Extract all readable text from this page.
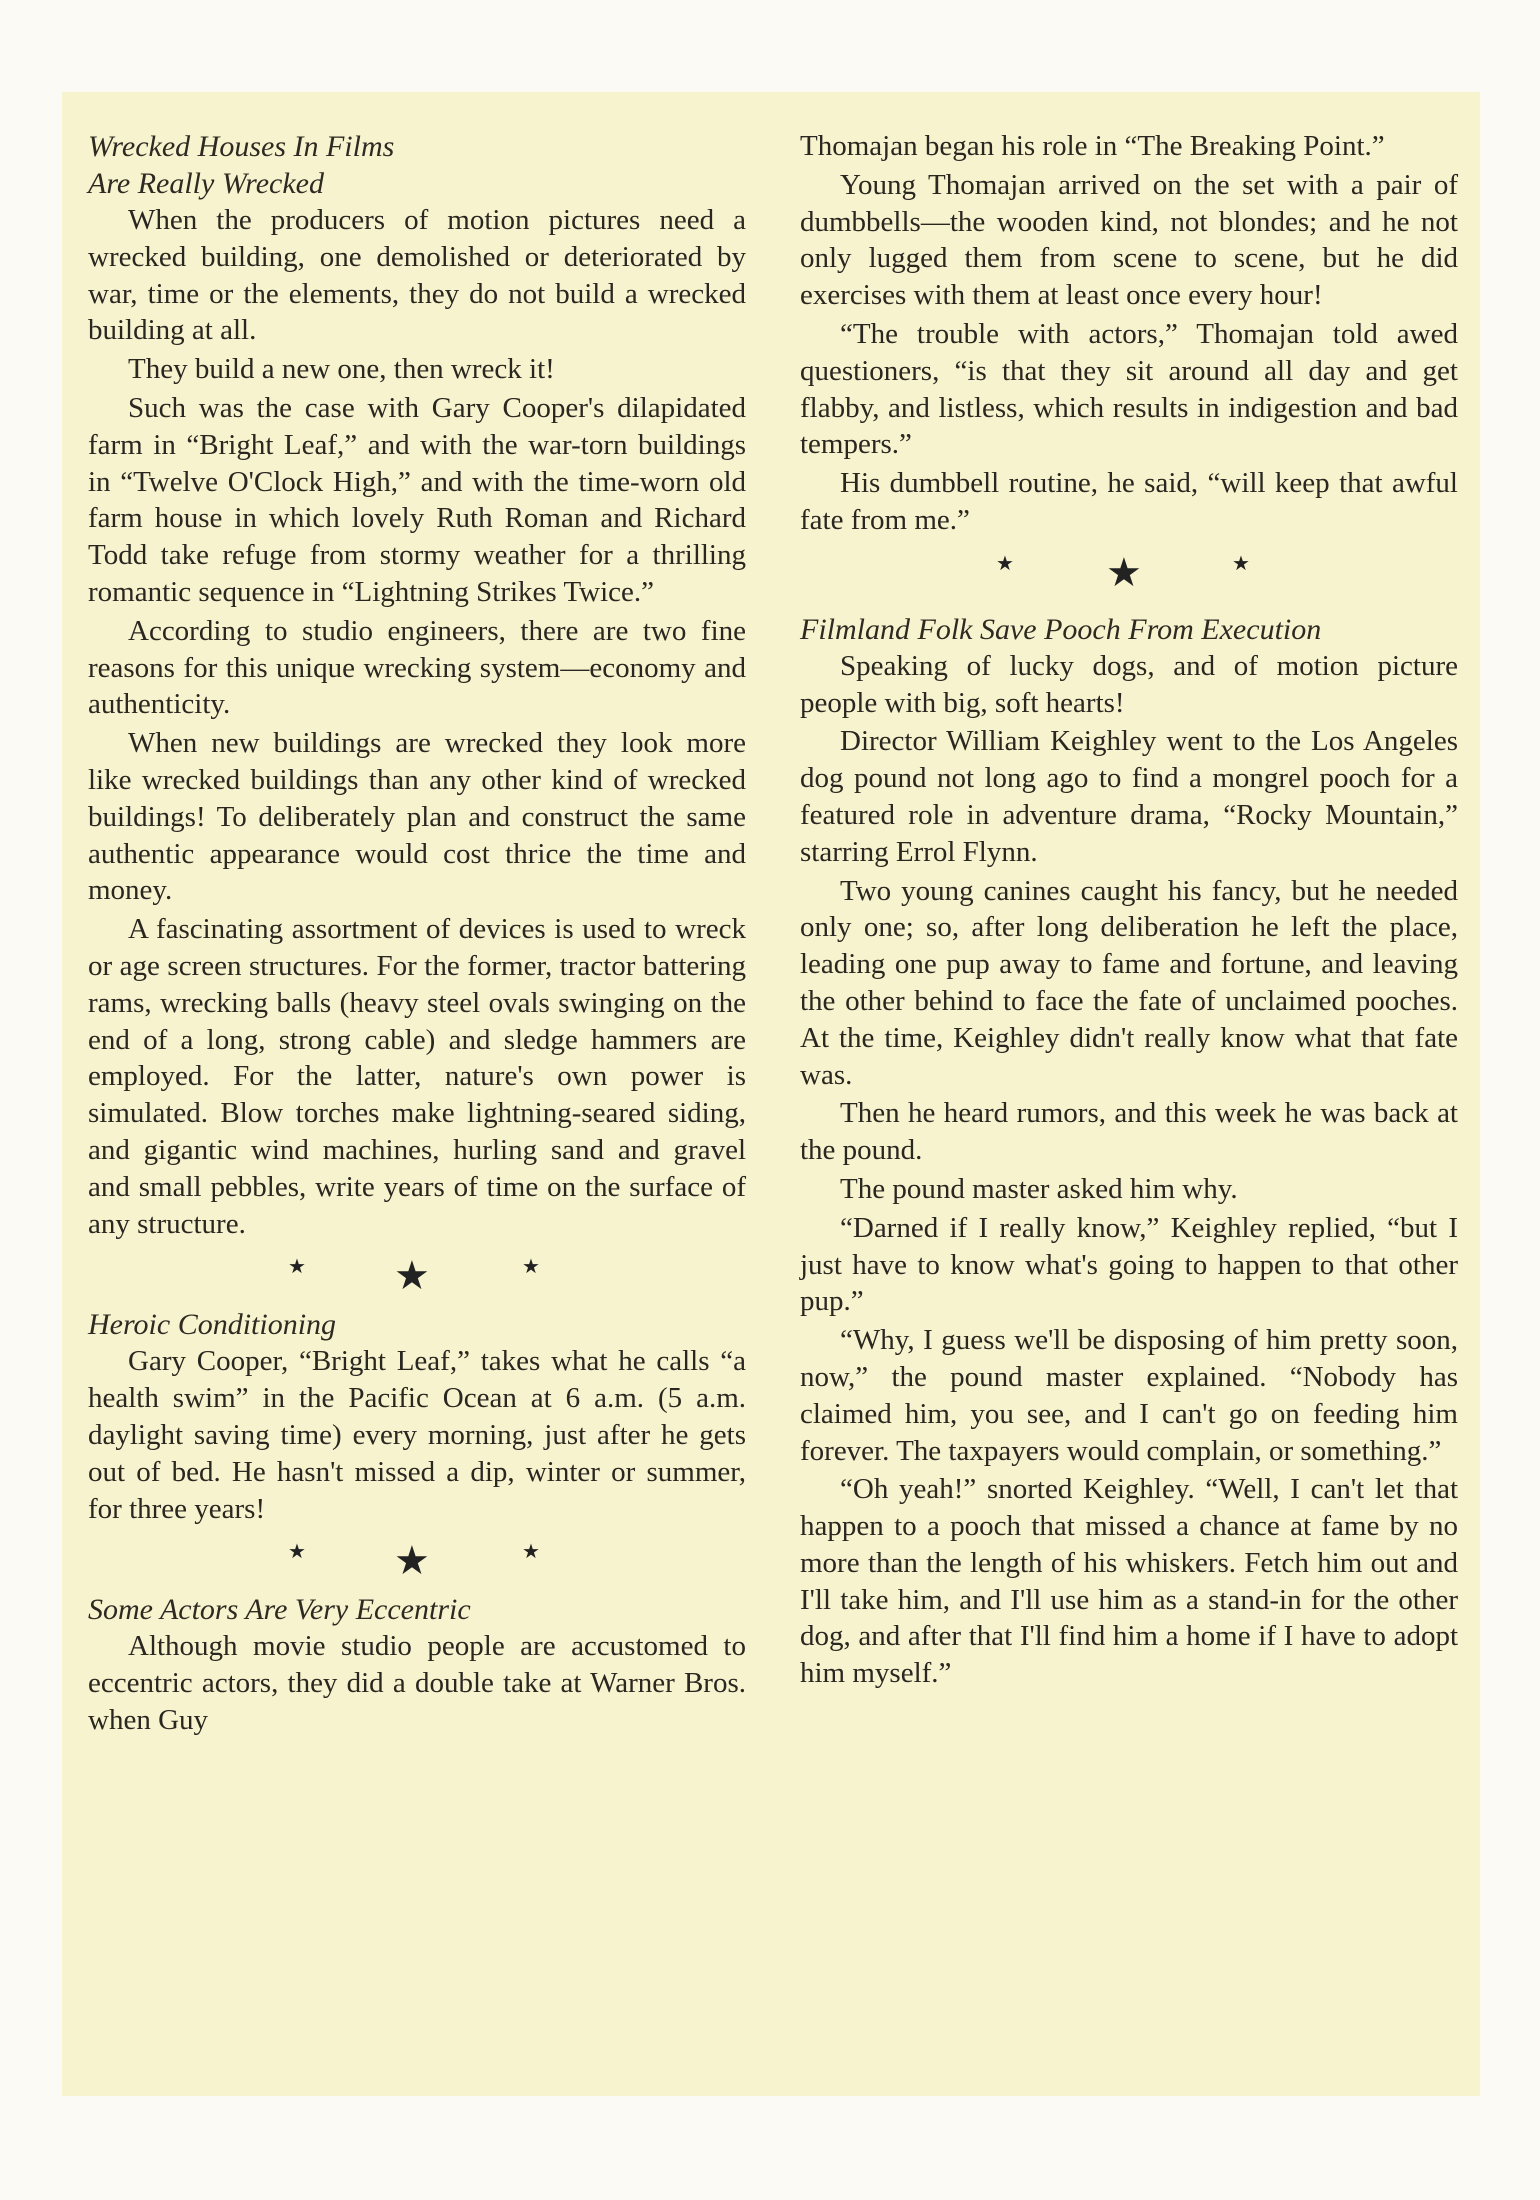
Wrecked Houses In Films

Are Really Wrecked

When the producers of motion pictures need a wrecked building, one demolished or deteriorated by war, time or the elements, they do not build a wrecked building at all.

They build a new one, then wreck it!

Such was the case with Gary Cooper's dilapidated farm in “Bright Leaf,” and with the war-torn buildings in “Twelve O'Clock High,” and with the time-worn old farm house in which lovely Ruth Roman and Richard Todd take refuge from stormy weather for a thrilling romantic sequence in “Lightning Strikes Twice.”

According to studio engineers, there are two fine reasons for this unique wrecking system—economy and authenticity.

When new buildings are wrecked they look more like wrecked buildings than any other kind of wrecked buildings! To deliberately plan and construct the same authentic appearance would cost thrice the time and money.

A fascinating assortment of devices is used to wreck or age screen structures. For the former, tractor battering rams, wrecking balls (heavy steel ovals swinging on the end of a long, strong cable) and sledge hammers are employed. For the latter, nature's own power is simulated. Blow torches make lightning-seared siding, and gigantic wind machines, hurling sand and gravel and small pebbles, write years of time on the surface of any structure.

★ ★	★

Heroic Conditioning

Gary Cooper, “Bright Leaf,” takes what he calls “a health swim” in the Pacific Ocean at 6 a.m. (5 a.m. daylight saving time) every morning, just after he gets out of bed. He hasn't missed a dip, winter or summer, for three years!

★ ★	★

Some Actors Are Very Eccentric

Although movie studio people are accustomed to eccentric actors, they did a double take at Warner Bros. when Guy

Thomajan began his role in “The Breaking Point.”

Young Thomajan arrived on the set with a pair of dumbbells—the wooden kind, not blondes; and he not only lugged them from scene to scene, but he did exercises with them at least once every hour!

“The trouble with actors,” Thomajan told awed questioners, “is that they sit around all day and get flabby, and listless, which results in indigestion and bad tempers.”

His dumbbell routine, he said, “will keep that awful fate from me.”

★ ★	★

Filmland Folk Save Pooch From Execution

Speaking of lucky dogs, and of motion picture people with big, soft hearts!

Director William Keighley went to the Los Angeles dog pound not long ago to find a mongrel pooch for a featured role in adventure drama, “Rocky Mountain,” starring Errol Flynn.

Two young canines caught his fancy, but he needed only one; so, after long deliberation he left the place, leading one pup away to fame and fortune, and leaving the other behind to face the fate of unclaimed pooches. At the time, Keighley didn't really know what that fate was.

Then he heard rumors, and this week he was back at the pound.

The pound master asked him why.

“Darned if I really know,” Keighley replied, “but I just have to know what's going to happen to that other pup.”

“Why, I guess we'll be disposing of him pretty soon, now,” the pound master explained. “Nobody has claimed him, you see, and I can't go on feeding him forever. The taxpayers would complain, or something.”

“Oh yeah!” snorted Keighley. “Well, I can't let that happen to a pooch that missed a chance at fame by no more than the length of his whiskers. Fetch him out and I'll take him, and I'll use him as a stand-in for the other dog, and after that I'll find him a home if I have to adopt him myself.”
